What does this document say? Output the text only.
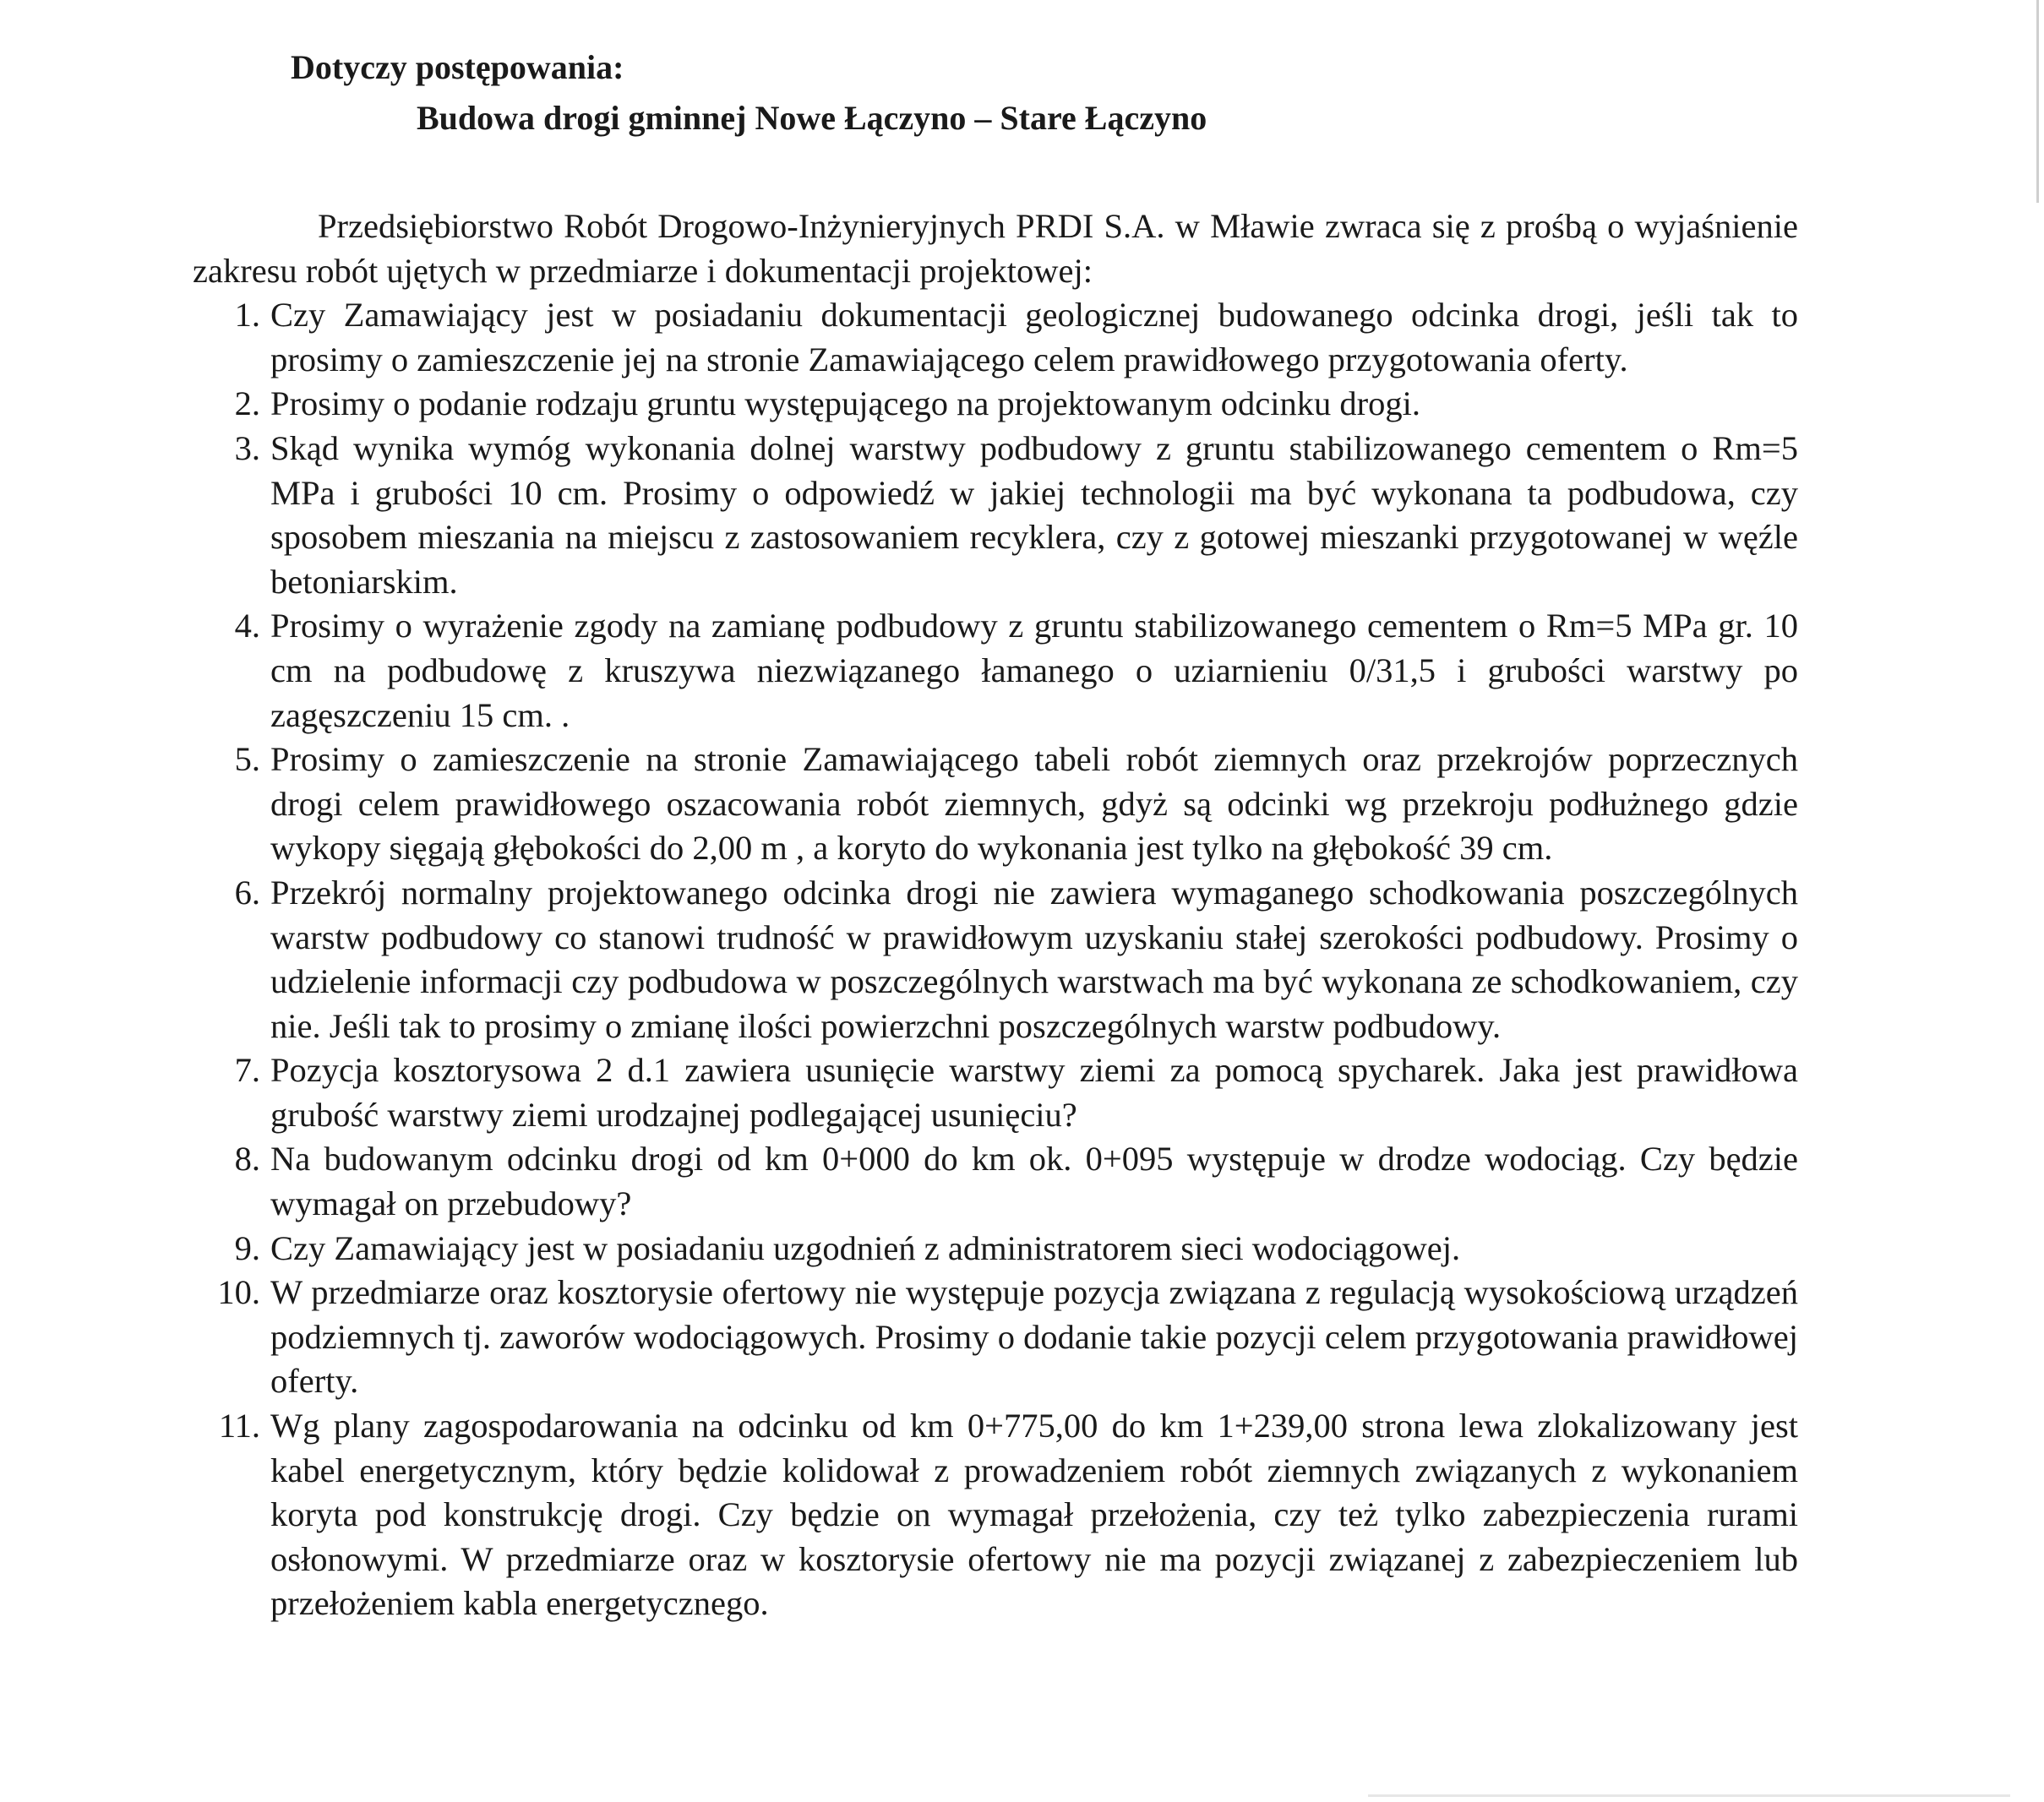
Dotyczy postępowania:
Budowa drogi gminnej Nowe Łączyno – Stare Łączyno

Przedsiębiorstwo Robót Drogowo-Inżynieryjnych PRDI S.A. w Mławie zwraca się z prośbą o wyjaśnienie zakresu robót ujętych w przedmiarze i dokumentacji projektowej:

1. Czy Zamawiający jest w posiadaniu dokumentacji geologicznej budowanego odcinka drogi, jeśli tak to prosimy o zamieszczenie jej na stronie Zamawiającego celem prawidłowego przygotowania oferty.
2. Prosimy o podanie rodzaju gruntu występującego na projektowanym odcinku drogi.
3. Skąd wynika wymóg wykonania dolnej warstwy podbudowy z gruntu stabilizowanego cementem o Rm=5 MPa i grubości 10 cm. Prosimy o odpowiedź w jakiej technologii ma być wykonana ta podbudowa, czy sposobem mieszania na miejscu z zastosowaniem recyklera, czy z gotowej mieszanki przygotowanej w węźle betoniarskim.
4. Prosimy o wyrażenie zgody na zamianę podbudowy z gruntu stabilizowanego cementem o Rm=5 MPa gr. 10 cm na podbudowę z kruszywa niezwiązanego łamanego o uziarnieniu 0/31,5 i grubości warstwy po zagęszczeniu 15 cm. .
5. Prosimy o zamieszczenie na stronie Zamawiającego tabeli robót ziemnych oraz przekrojów poprzecznych drogi celem prawidłowego oszacowania robót ziemnych, gdyż są odcinki wg przekroju podłużnego gdzie wykopy sięgają głębokości do 2,00 m , a koryto do wykonania jest tylko na głębokość 39 cm.
6. Przekrój normalny projektowanego odcinka drogi nie zawiera wymaganego schodkowania poszczególnych warstw podbudowy co stanowi trudność w prawidłowym uzyskaniu stałej szerokości podbudowy. Prosimy o udzielenie informacji czy podbudowa w poszczególnych warstwach ma być wykonana ze schodkowaniem, czy nie. Jeśli tak to prosimy o zmianę ilości powierzchni poszczególnych warstw podbudowy.
7. Pozycja kosztorysowa 2 d.1 zawiera usunięcie warstwy ziemi za pomocą spycharek. Jaka jest prawidłowa grubość warstwy ziemi urodzajnej podlegającej usunięciu?
8. Na budowanym odcinku drogi od km 0+000 do km ok. 0+095 występuje w drodze wodociąg. Czy będzie wymagał on przebudowy?
9. Czy Zamawiający jest w posiadaniu uzgodnień z administratorem sieci wodociągowej.
10. W przedmiarze oraz kosztorysie ofertowy nie występuje pozycja związana z regulacją wysokościową urządzeń podziemnych tj. zaworów wodociągowych. Prosimy o dodanie takie pozycji celem przygotowania prawidłowej oferty.
11. Wg plany zagospodarowania na odcinku od km 0+775,00 do km 1+239,00 strona lewa zlokalizowany jest kabel energetycznym, który będzie kolidował z prowadzeniem robót ziemnych związanych z wykonaniem koryta pod konstrukcję drogi. Czy będzie on wymagał przełożenia, czy też tylko zabezpieczenia rurami osłonowymi. W przedmiarze oraz w kosztorysie ofertowy nie ma pozycji związanej z zabezpieczeniem lub przełożeniem kabla energetycznego.
